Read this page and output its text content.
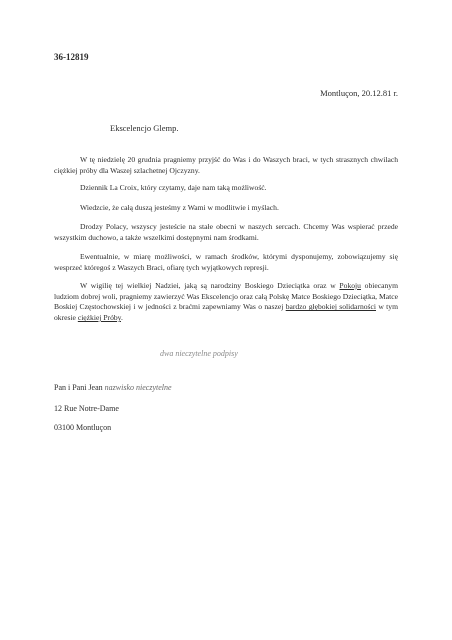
36-12819
Montluçon, 20.12.81 r.
Ekscelencjo Glemp.
W tę niedzielę 20 grudnia pragniemy przyjść do Was i do Waszych braci, w tych strasznych chwilach ciężkiej próby dla Waszej szlachetnej Ojczyzny.
Dziennik La Croix, który czytamy, daje nam taką możliwość.
Wiedzcie, że całą duszą jesteśmy z Wami w modlitwie i myślach.
Drodzy Polacy, wszyscy jesteście na stałe obecni w naszych sercach. Chcemy Was wspierać przede wszystkim duchowo, a także wszelkimi dostępnymi nam środkami.
Ewentualnie, w miarę możliwości, w ramach środków, którymi dysponujemy, zobowiązujemy się wesprzeć któregoś z Waszych Braci, ofiarę tych wyjątkowych represji.
W wigilię tej wielkiej Nadziei, jaką są narodziny Boskiego Dzieciątka oraz w Pokoju obiecanym ludziom dobrej woli, pragniemy zawierzyć Was Ekscelencjo oraz całą Polskę Matce Boskiego Dzieciątka, Matce Boskiej Częstochowskiej i w jedności z braćmi zapewniamy Was o naszej bardzo głębokiej solidarności w tym okresie ciężkiej Próby.
dwa nieczytelne podpisy
Pan i Pani Jean nazwisko nieczytelne
12 Rue Notre-Dame
03100 Montluçon
